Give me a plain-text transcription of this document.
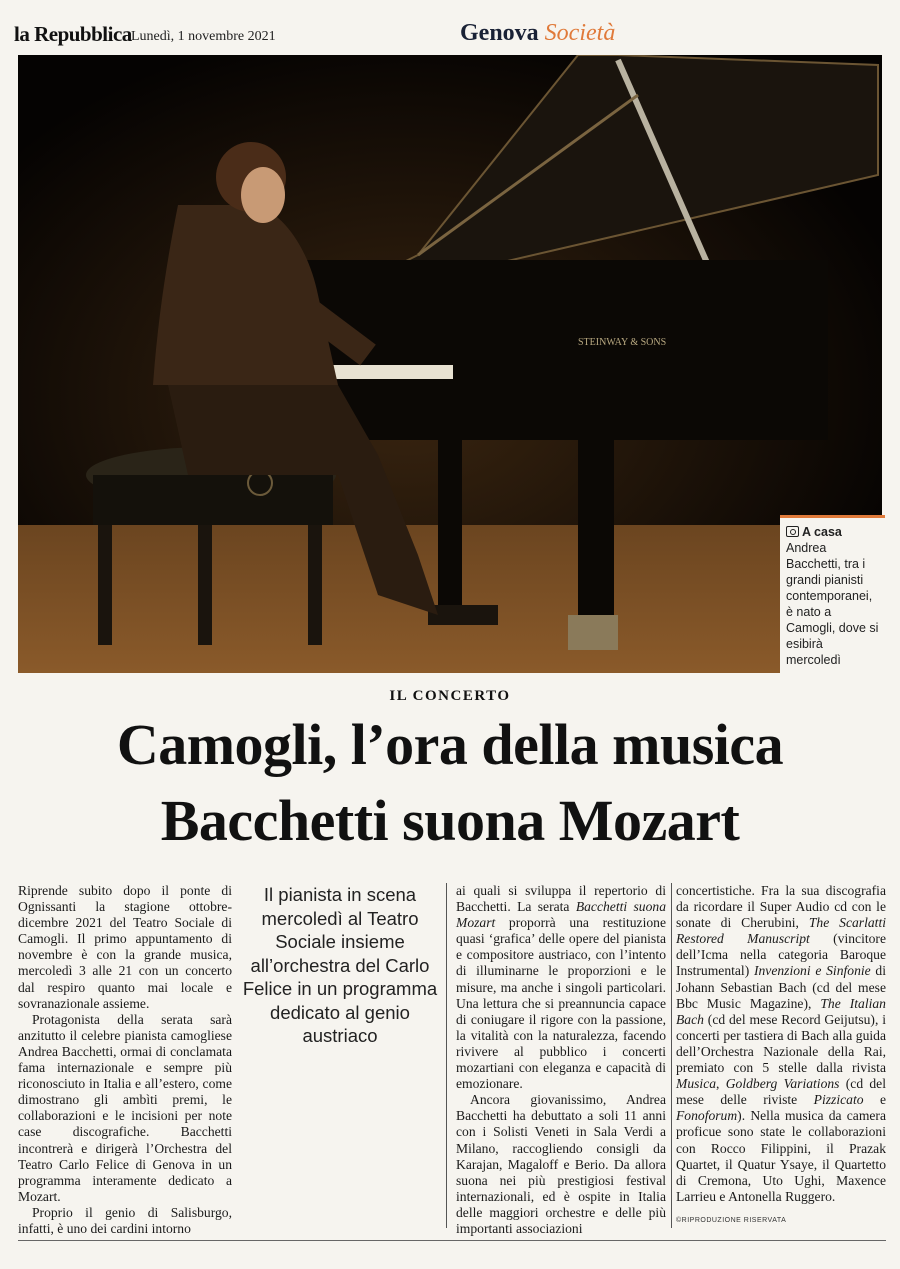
la Repubblica Lunedì, 1 novembre 2021	Genova Società
STEINWAY & SONS
A casa
Andrea Bacchetti, tra i grandi pianisti contemporanei, è nato a Camogli, dove si esibirà mercoledì
IL CONCERTO
Camogli, l’ora della musica
Bacchetti suona Mozart

Riprende subito dopo il ponte di Ognissanti la stagione ottobre-dicembre 2021 del Teatro Sociale di Camogli. Il primo appuntamento di novembre è con la grande musica, mercoledì 3 alle 21 con un concerto dal respiro quanto mai locale e sovranazionale assieme.

Protagonista della serata sarà anzitutto il celebre pianista camogliese Andrea Bacchetti, ormai di conclamata fama internazionale e sempre più riconosciuto in Italia e all’estero, come dimostrano gli ambìti premi, le collaborazioni e le incisioni per note case discografiche. Bacchetti incontrerà e dirigerà l’Orchestra del Teatro Carlo Felice di Genova in un programma interamente dedicato a Mozart.

Proprio il genio di Salisburgo, infatti, è uno dei cardini intorno

Il pianista in scena mercoledì al Teatro Sociale insieme all’orchestra del Carlo Felice in un programma dedicato al genio austriaco

ai quali si sviluppa il repertorio di Bacchetti. La serata Bacchetti suona Mozart proporrà una restituzione quasi ‘grafica’ delle opere del pianista e compositore austriaco, con l’intento di illuminarne le proporzioni e le misure, ma anche i singoli particolari. Una lettura che si preannuncia capace di coniugare il rigore con la passione, la vitalità con la naturalezza, facendo rivivere al pubblico i concerti mozartiani con eleganza e capacità di emozionare.

Ancora giovanissimo, Andrea Bacchetti ha debuttato a soli 11 anni con i Solisti Veneti in Sala Verdi a Milano, raccogliendo consigli da Karajan, Magaloff e Berio. Da allora suona nei più prestigiosi festival internazionali, ed è ospite in Italia delle maggiori orchestre e delle più importanti associazioni

concertistiche. Fra la sua discografia da ricordare il Super Audio cd con le sonate di Cherubini, The Scarlatti Restored Manuscript (vincitore dell’Icma nella categoria Baroque Instrumental) Invenzioni e Sinfonie di Johann Sebastian Bach (cd del mese Bbc Music Magazine), The Italian Bach (cd del mese Record Geijutsu), i concerti per tastiera di Bach alla guida dell’Orchestra Nazionale della Rai, premiato con 5 stelle dalla rivista Musica, Goldberg Variations (cd del mese delle riviste Pizzicato e Fonoforum). Nella musica da camera proficue sono state le collaborazioni con Rocco Filippini, il Prazak Quartet, il Quatur Ysaye, il Quartetto di Cremona, Uto Ughi, Maxence Larrieu e Antonella Ruggero.

©RIPRODUZIONE RISERVATA
